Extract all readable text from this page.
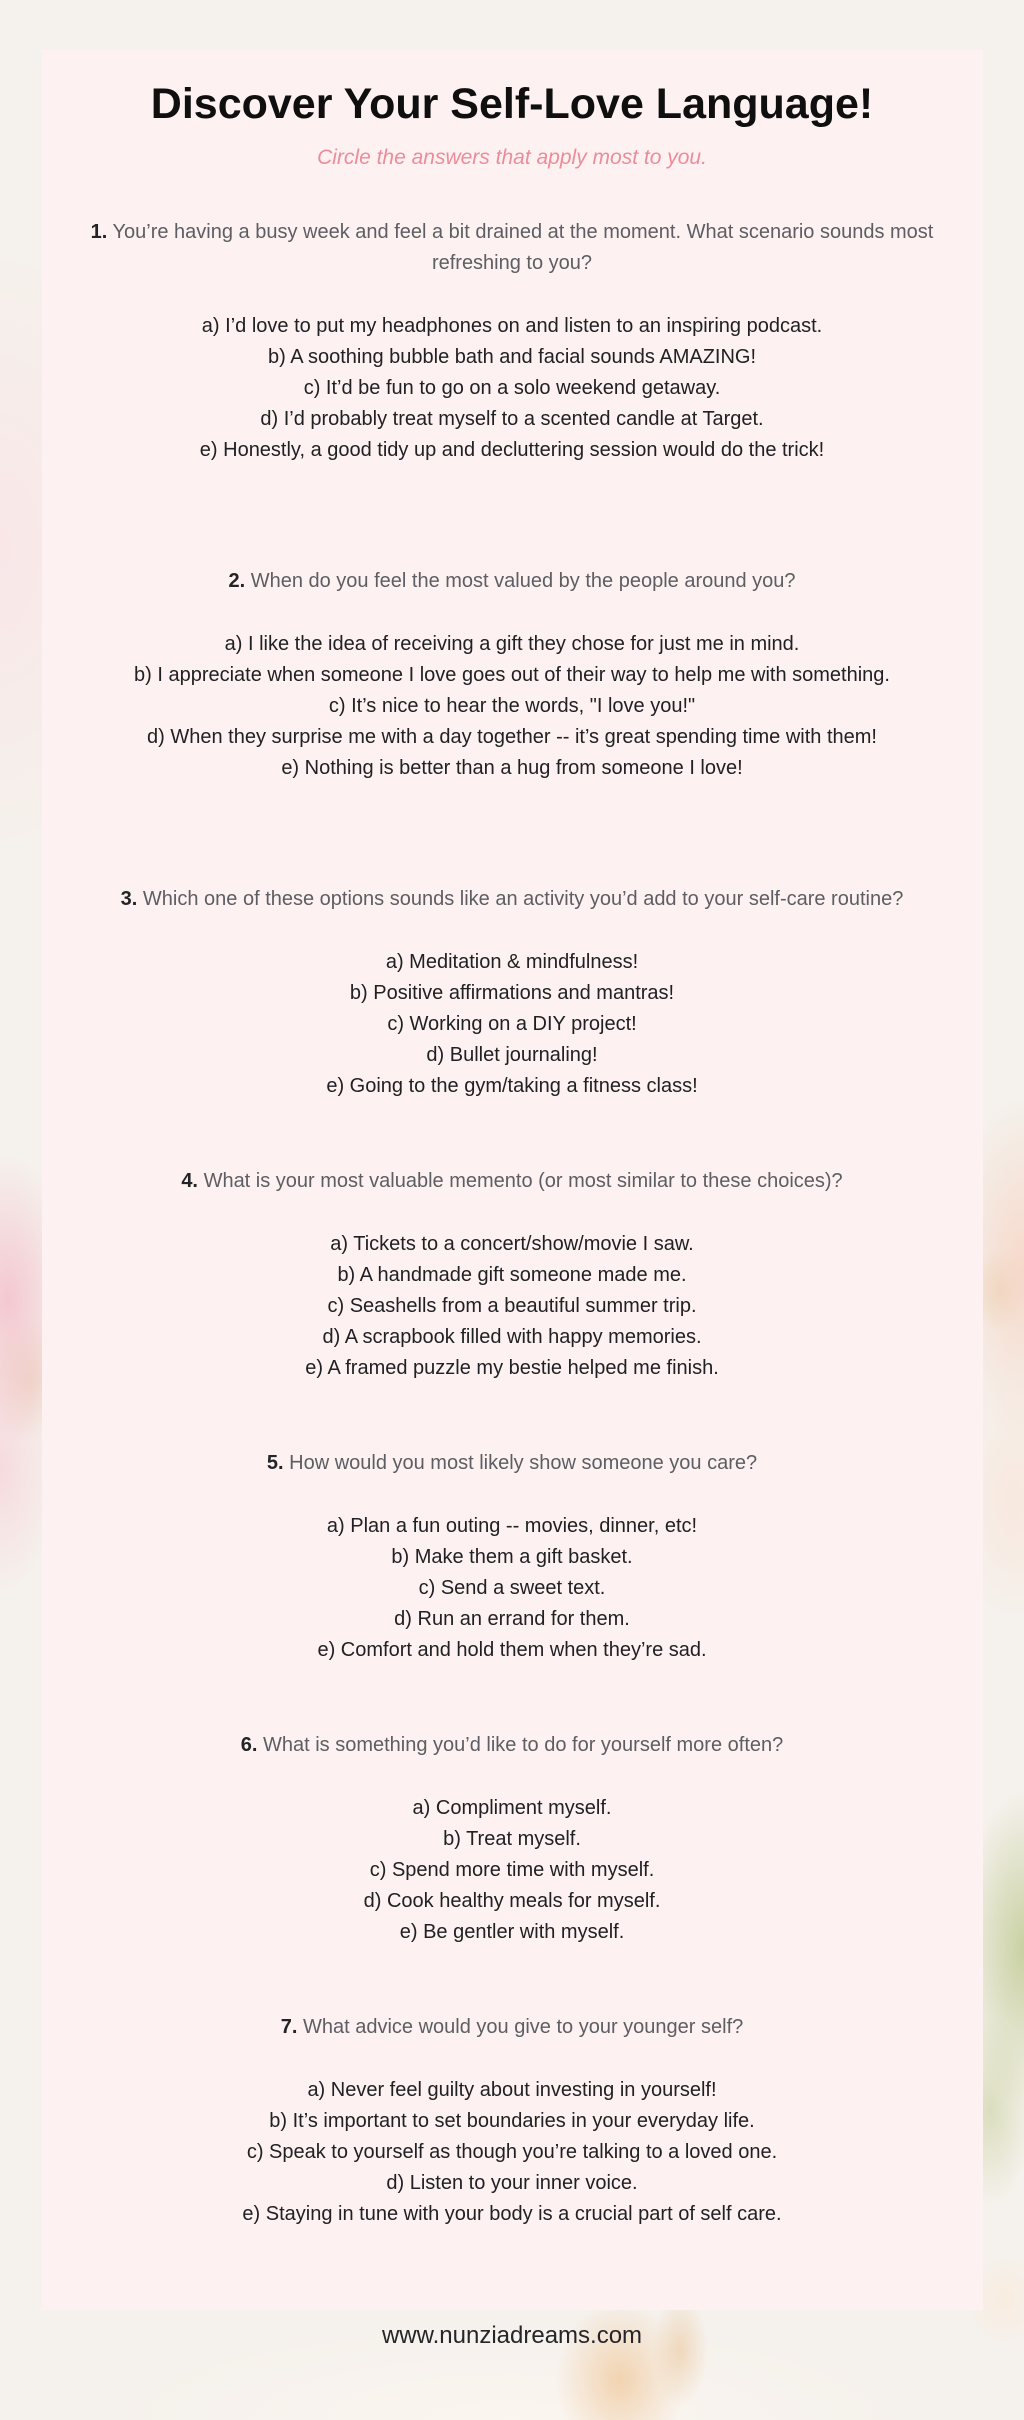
Discover Your Self-Love Language!
Circle the answers that apply most to you.

1. You’re having a busy week and feel a bit drained at the moment. What scenario sounds most refreshing to you?

a) I’d love to put my headphones on and listen to an inspiring podcast.
b) A soothing bubble bath and facial sounds AMAZING!
c) It’d be fun to go on a solo weekend getaway.
d) I’d probably treat myself to a scented candle at Target.
e) Honestly, a good tidy up and decluttering session would do the trick!

2. When do you feel the most valued by the people around you?

a) I like the idea of receiving a gift they chose for just me in mind.
b) I appreciate when someone I love goes out of their way to help me with something.
c) It’s nice to hear the words, "I love you!"
d) When they surprise me with a day together -- it’s great spending time with them!
e) Nothing is better than a hug from someone I love!

3. Which one of these options sounds like an activity you’d add to your self-care routine?

a) Meditation & mindfulness!
b) Positive affirmations and mantras!
c) Working on a DIY project!
d) Bullet journaling!
e) Going to the gym/taking a fitness class!

4. What is your most valuable memento (or most similar to these choices)?

a) Tickets to a concert/show/movie I saw.
b) A handmade gift someone made me.
c) Seashells from a beautiful summer trip.
d) A scrapbook filled with happy memories.
e) A framed puzzle my bestie helped me finish.

5. How would you most likely show someone you care?

a) Plan a fun outing -- movies, dinner, etc!
b) Make them a gift basket.
c) Send a sweet text.
d) Run an errand for them.
e) Comfort and hold them when they’re sad.

6. What is something you’d like to do for yourself more often?

a) Compliment myself.
b) Treat myself.
c) Spend more time with myself.
d) Cook healthy meals for myself.
e) Be gentler with myself.

7. What advice would you give to your younger self?

a) Never feel guilty about investing in yourself!
b) It’s important to set boundaries in your everyday life.
c) Speak to yourself as though you’re talking to a loved one.
d) Listen to your inner voice.
e) Staying in tune with your body is a crucial part of self care.
www.nunziadreams.com
